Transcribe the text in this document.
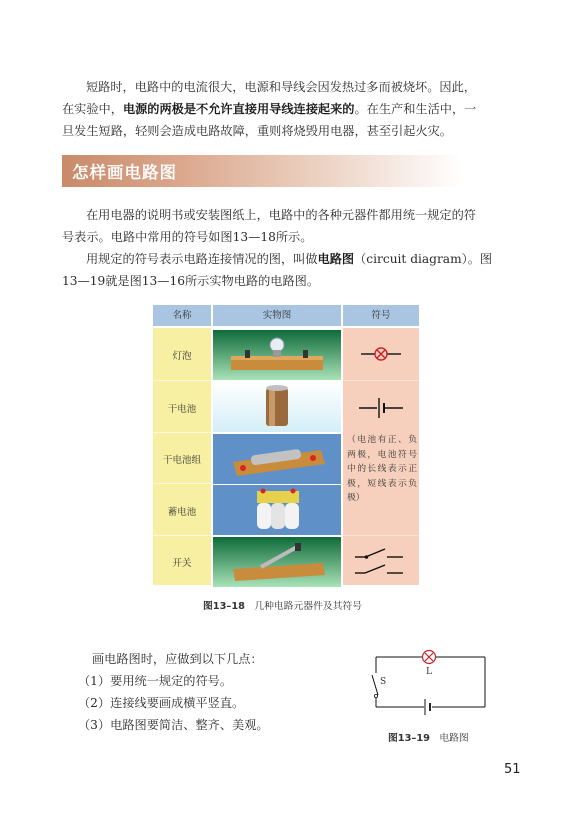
短路时，电路中的电流很大，电源和导线会因发热过多而被烧坏。因此，
在实验中，电源的两极是不允许直接用导线连接起来的。在生产和生活中，一
旦发生短路，轻则会造成电路故障，重则将烧毁用电器，甚至引起火灾。
怎样画电路图
在用电器的说明书或安装图纸上，电路中的各种元器件都用统一规定的符
号表示。电路中常用的符号如图13—18所示。
用规定的符号表示电路连接情况的图，叫做电路图（circuit diagram）。图
13—19就是图13—16所示实物电路的电路图。
名称	实物图	符号
灯泡
干电池
干电池组
蓄电池
开关
（电池有正、负两极，电池符号中的长线表示正极，短线表示负极）
图13–18 几种电路元器件及其符号
画电路图时，应做到以下几点：
（1）要用统一规定的符号。
（2）连接线要画成横平竖直。
（3）电路图要简洁、整齐、美观。
L
S
图13–19 电路图
51
